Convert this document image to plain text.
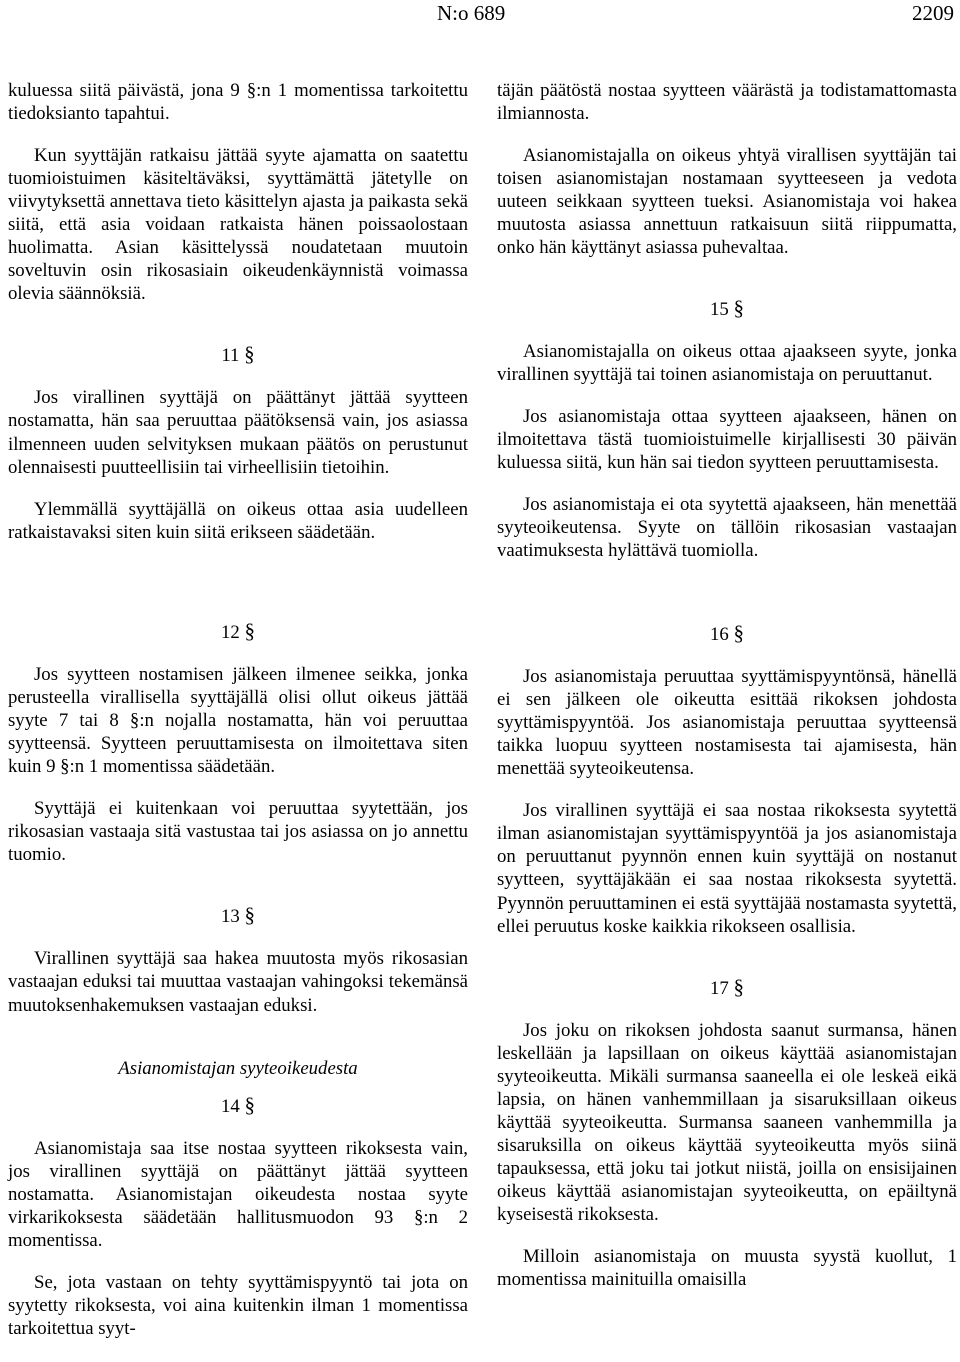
N:o 689	2209

kuluessa siitä päivästä, jona 9 §:n 1 momentissa tarkoitettu tiedoksianto tapahtui.

Kun syyttäjän ratkaisu jättää syyte ajamatta on saatettu tuomioistuimen käsiteltäväksi, syyttämättä jätetylle on viivytyksettä annettava tieto käsittelyn ajasta ja paikasta sekä siitä, että asia voidaan ratkaista hänen poissaolostaan huolimatta. Asian käsittelyssä noudatetaan muutoin soveltuvin osin rikosasiain oikeudenkäynnistä voimassa olevia säännöksiä.

11 §

Jos virallinen syyttäjä on päättänyt jättää syytteen nostamatta, hän saa peruuttaa päätöksensä vain, jos asiassa ilmenneen uuden selvityksen mukaan päätös on perustunut olennaisesti puutteellisiin tai virheellisiin tietoihin.

Ylemmällä syyttäjällä on oikeus ottaa asia uudelleen ratkaistavaksi siten kuin siitä erikseen säädetään.

12 §

Jos syytteen nostamisen jälkeen ilmenee seikka, jonka perusteella virallisella syyttäjällä olisi ollut oikeus jättää syyte 7 tai 8 §:n nojalla nostamatta, hän voi peruuttaa syytteensä. Syytteen peruuttamisesta on ilmoitettava siten kuin 9 §:n 1 momentissa säädetään.

Syyttäjä ei kuitenkaan voi peruuttaa syytettään, jos rikosasian vastaaja sitä vastustaa tai jos asiassa on jo annettu tuomio.

13 §

Virallinen syyttäjä saa hakea muutosta myös rikosasian vastaajan eduksi tai muuttaa vastaajan vahingoksi tekemänsä muutoksenhakemuksen vastaajan eduksi.

Asianomistajan syyteoikeudesta

14 §

Asianomistaja saa itse nostaa syytteen rikoksesta vain, jos virallinen syyttäjä on päättänyt jättää syytteen nostamatta. Asianomistajan oikeudesta nostaa syyte virkarikoksesta säädetään hallitusmuodon 93 §:n 2 momentissa.

Se, jota vastaan on tehty syyttämispyyntö tai jota on syytetty rikoksesta, voi aina kuitenkin ilman 1 momentissa tarkoitettua syyt-

täjän päätöstä nostaa syytteen väärästä ja todistamattomasta ilmiannosta.

Asianomistajalla on oikeus yhtyä virallisen syyttäjän tai toisen asianomistajan nostamaan syytteeseen ja vedota uuteen seikkaan syytteen tueksi. Asianomistaja voi hakea muutosta asiassa annettuun ratkaisuun siitä riippumatta, onko hän käyttänyt asiassa puhevaltaa.

15 §

Asianomistajalla on oikeus ottaa ajaakseen syyte, jonka virallinen syyttäjä tai toinen asianomistaja on peruuttanut.

Jos asianomistaja ottaa syytteen ajaakseen, hänen on ilmoitettava tästä tuomioistuimelle kirjallisesti 30 päivän kuluessa siitä, kun hän sai tiedon syytteen peruuttamisesta.

Jos asianomistaja ei ota syytettä ajaakseen, hän menettää syyteoikeutensa. Syyte on tällöin rikosasian vastaajan vaatimuksesta hylättävä tuomiolla.

16 §

Jos asianomistaja peruuttaa syyttämispyyntönsä, hänellä ei sen jälkeen ole oikeutta esittää rikoksen johdosta syyttämispyyntöä. Jos asianomistaja peruuttaa syytteensä taikka luopuu syytteen nostamisesta tai ajamisesta, hän menettää syyteoikeutensa.

Jos virallinen syyttäjä ei saa nostaa rikoksesta syytettä ilman asianomistajan syyttämispyyntöä ja jos asianomistaja on peruuttanut pyynnön ennen kuin syyttäjä on nostanut syytteen, syyttäjäkään ei saa nostaa rikoksesta syytettä. Pyynnön peruuttaminen ei estä syyttäjää nostamasta syytettä, ellei peruutus koske kaikkia rikokseen osallisia.

17 §

Jos joku on rikoksen johdosta saanut surmansa, hänen leskellään ja lapsillaan on oikeus käyttää asianomistajan syyteoikeutta. Mikäli surmansa saaneella ei ole leskeä eikä lapsia, on hänen vanhemmillaan ja sisaruksillaan oikeus käyttää syyteoikeutta. Surmansa saaneen vanhemmilla ja sisaruksilla on oikeus käyttää syyteoikeutta myös siinä tapauksessa, että joku tai jotkut niistä, joilla on ensisijainen oikeus käyttää asianomistajan syyteoikeutta, on epäiltynä kyseisestä rikoksesta.

Milloin asianomistaja on muusta syystä kuollut, 1 momentissa mainituilla omaisilla
